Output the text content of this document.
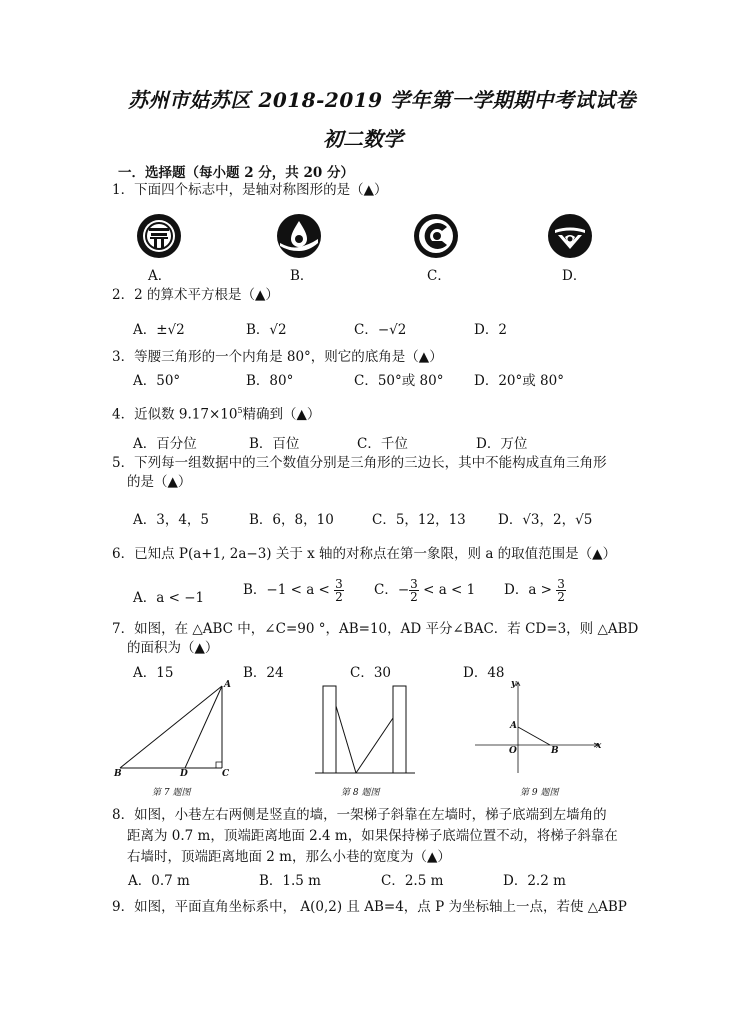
苏州市姑苏区 2018-2019 学年第一学期期中考试试卷
初二数学
一．选择题（每小题 2 分，共 20 分）
1．下面四个标志中，是轴对称图形的是（▲）
A．	B．	C．	D．
2．2 的算术平方根是（▲）
A．±√2	B．√2	C．−√2	D．2
3．等腰三角形的一个内角是 80°，则它的底角是（▲）
A．50°	B．80°	C．50°或 80° D．20°或 80°
4．近似数 $9.17\times 10^5$精确到（▲）
A．百分位	B．百位	C．千位	D．万位
5．下列每一组数据中的三个数值分别是三角形的三边长，其中不能构成直角三角形
的是（▲）
A．3，4，5	B．6，8，10	C．5，12，13 D．√3，2，√5
6．已知点 P(a+1, 2a−3) 关于 x 轴的对称点在第一象限，则 a 的取值范围是（▲）
A．a < −1	B．$-1 < a < \frac{3}{2}$ C．− $\frac{3}{2} < a < 1$ D．$a > \frac{3}{2}$
7．如图，在 △ABC 中，∠C=90 °，AB=10，AD 平分∠BAC．若 CD=3，则 △ABD
的面积为（▲）
A．15	B．24	C．30	D．48
A
B	D	C
第 7 题图	第 8 题图
y
A
O	B	x
第 9 题图
8．如图，小巷左右两侧是竖直的墙，一架梯子斜靠在左墙时，梯子底端到左墙角的
距离为 0.7 m，顶端距离地面 2.4 m，如果保持梯子底端位置不动，将梯子斜靠在
右墙时，顶端距离地面 2 m，那么小巷的宽度为（▲）
A．0.7 m	B．1.5 m	C．2.5 m	D．2.2 m
9．如图，平面直角坐标系中， A(0,2) 且 AB=4，点 P 为坐标轴上一点，若使 △ABP
